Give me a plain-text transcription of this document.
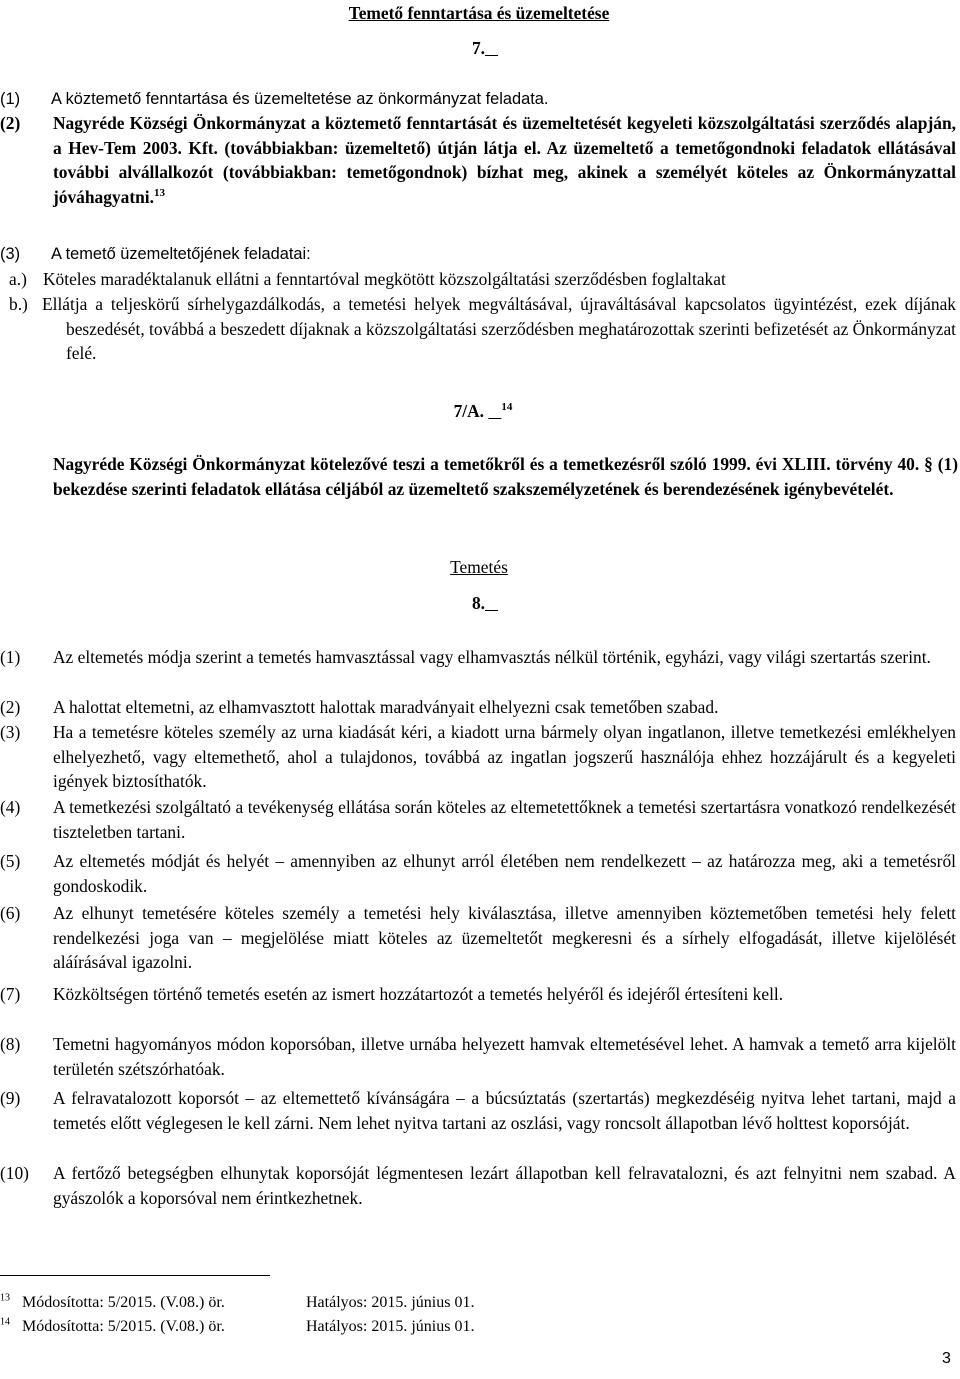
Temető fenntartása és üzemeltetése
7.
(1) A köztemető fenntartása és üzemeltetése az önkormányzat feladata.
(2) Nagyréde Községi Önkormányzat a köztemető fenntartását és üzemeltetését kegyeleti közszolgáltatási szerződés alapján, a Hev-Tem 2003. Kft. (továbbiakban: üzemeltető) útján látja el. Az üzemeltető a temetőgondnoki feladatok ellátásával további alvállalkozót (továbbiakban: temetőgondnok) bízhat meg, akinek a személyét köteles az Önkormányzattal jóváhagyatni.$^{13}$
(3) A temető üzemeltetőjének feladatai:
a.) Köteles maradéktalanuk ellátni a fenntartóval megkötött közszolgáltatási szerződésben foglaltakat
b.) Ellátja a teljeskörű sírhelygazdálkodás, a temetési helyek megváltásával, újraváltásával kapcsolatos ügyintézést, ezek díjának beszedését, továbbá a beszedett díjaknak a közszolgáltatási szerződésben meghatározottak szerinti befizetését az Önkormányzat felé.
7/A. $^{14}$
Nagyréde Községi Önkormányzat kötelezővé teszi a temetőkről és a temetkezésről szóló 1999. évi XLIII. törvény 40. § (1) bekezdése szerinti feladatok ellátása céljából az üzemeltető szakszemélyzetének és berendezésének igénybevételét.
Temetés
8.
(1) Az eltemetés módja szerint a temetés hamvasztással vagy elhamvasztás nélkül történik, egyházi, vagy világi szertartás szerint.
(2) A halottat eltemetni, az elhamvasztott halottak maradványait elhelyezni csak temetőben szabad.
(3) Ha a temetésre köteles személy az urna kiadását kéri, a kiadott urna bármely olyan ingatlanon, illetve temetkezési emlékhelyen elhelyezhető, vagy eltemethető, ahol a tulajdonos, továbbá az ingatlan jogszerű használója ehhez hozzájárult és a kegyeleti igények biztosíthatók.
(4) A temetkezési szolgáltató a tevékenység ellátása során köteles az eltemetettőknek a temetési szertartásra vonatkozó rendelkezését tiszteletben tartani.
(5) Az eltemetés módját és helyét – amennyiben az elhunyt arról életében nem rendelkezett – az határozza meg, aki a temetésről gondoskodik.
(6) Az elhunyt temetésére köteles személy a temetési hely kiválasztása, illetve amennyiben köztemetőben temetési hely felett rendelkezési joga van – megjelölése miatt köteles az üzemeltetőt megkeresni és a sírhely elfogadását, illetve kijelölését aláírásával igazolni.
(7) Közköltségen történő temetés esetén az ismert hozzátartozót a temetés helyéről és idejéről értesíteni kell.
(8) Temetni hagyományos módon koporsóban, illetve urnába helyezett hamvak eltemetésével lehet. A hamvak a temető arra kijelölt területén szétszórhatóak.
(9) A felravatalozott koporsót – az eltemettető kívánságára – a búcsúztatás (szertartás) megkezdéséig nyitva lehet tartani, majd a temetés előtt véglegesen le kell zárni. Nem lehet nyitva tartani az oszlási, vagy roncsolt állapotban lévő holttest koporsóját.
(10) A fertőző betegségben elhunytak koporsóját légmentesen lezárt állapotban kell felravatalozni, és azt felnyitni nem szabad. A gyászolók a koporsóval nem érintkezhetnek.
$^{13}$ Módosította: 5/2015. (V.08.) ör.	Hatályos: 2015. június 01.
$^{14}$ Módosította: 5/2015. (V.08.) ör.	Hatályos: 2015. június 01.
3
